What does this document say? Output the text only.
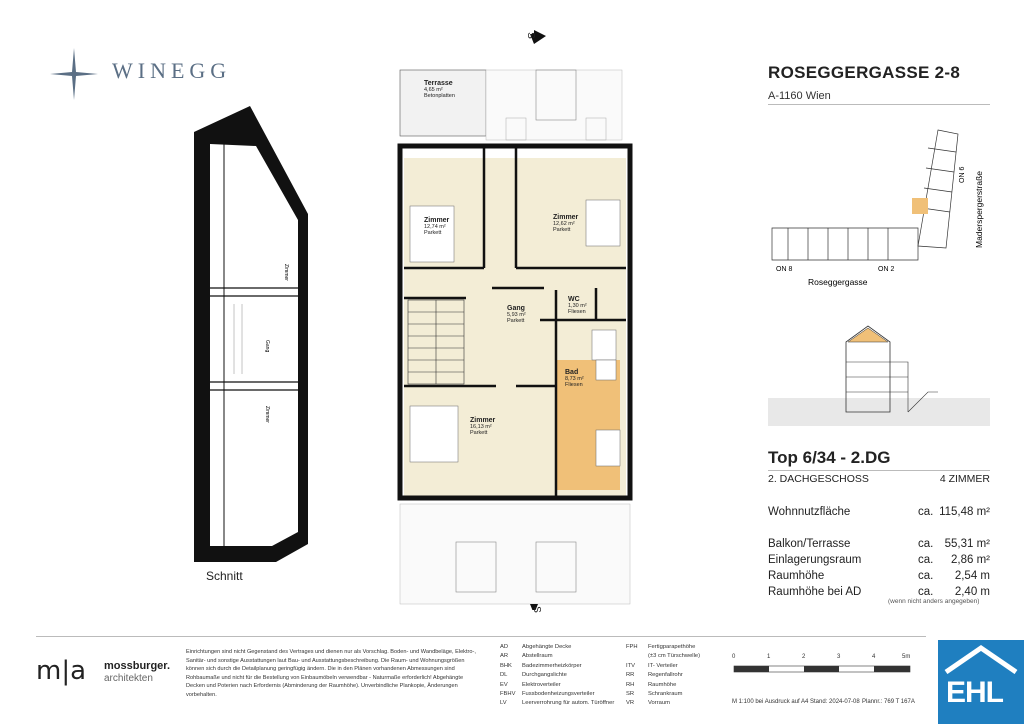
WINEGG	ROSEGGERGASSE 2-8
A-1160 Wien
ON 8	ON 2
ON 6
Roseggergasse
Maderspergerstraße
Top 6/34 - 2.DG
2. DACHGESCHOSS	4 ZIMMER
Wohnnutzfläche	ca. 115,48 m²
Balkon/Terrasse	ca. 55,31 m²
Einlagerungsraum	ca. 2,86 m²
Raumhöhe	ca. 2,54 m
Raumhöhe bei AD	ca. 2,40 m
(wenn nicht anders angegeben)
Zimmer
Gang
Zimmer
Schnitt
S
S
Terrasse
4,65 m²
Betonplatten
Zimmer
12,74 m²
Parkett
Zimmer
12,62 m²
Parkett
Gang
5,93 m²
Parkett
WC
1,30 m²
Fliesen
Bad
8,73 m²
Fliesen
Zimmer
16,13 m²
Parkett
m|a mossburger.
architekten
Einrichtungen sind nicht Gegenstand des Vertrages und dienen nur als Vorschlag. Boden- und Wandbeläge, Elektro-, Sanitär- und sonstige Ausstattungen laut Bau- und Ausstattungsbeschreibung. Die Raum- und Wohnungsgrößen können sich durch die Detailplanung geringfügig ändern. Die in den Plänen vorhandenen Abmessungen sind Rohbaumaße und nicht für die Bestellung von Einbaumöbeln verwendbar - Naturmaße erforderlich! Abgehängte Decken und Poterien nach Erfordernis (Abminderung der Raumhöhe). Unverbindliche Plankopie, Änderungen vorbehalten.
AD Abgehängte Decke
AR Abstellraum
BHK Badezimmerheizkörper
DL	Durchgangslichte
EV Elektroverteiler
FBHV Fussbodenheizungsverteiler
LV	Leerverrohrung für autom. Türöffner
FPH Fertigparapethöhe
(±3 cm Türschwelle)
ITV IT- Verteiler
RR Regenfallrohr
RH Raumhöhe
SR Schrankraum
VR Vorraum
0	1	2	3	4	5m
M 1:100 bei Ausdruck auf A4 Stand: 2024-07-08 Plannr.: 769 T 167A EHL
